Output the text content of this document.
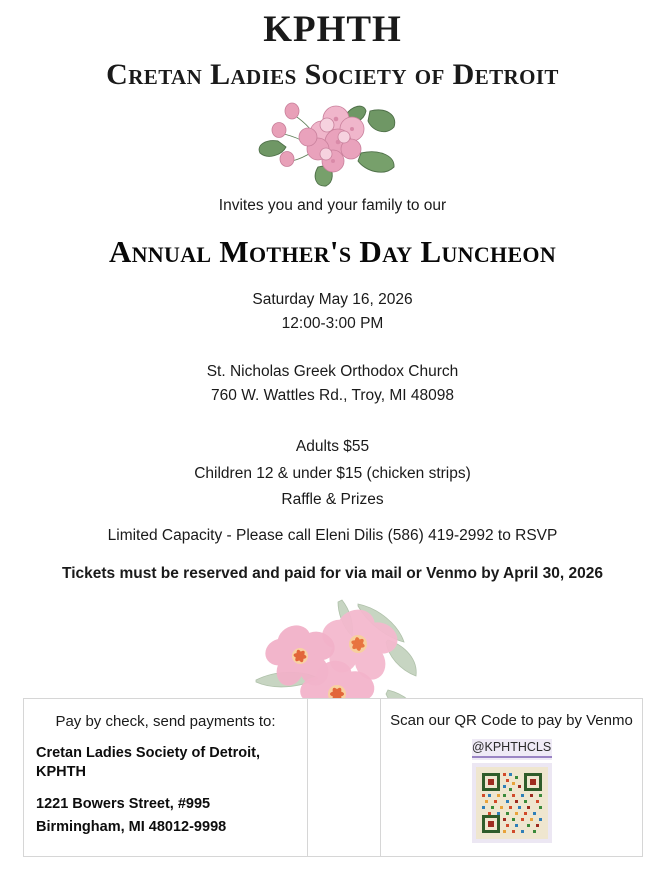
KPHTH
Cretan Ladies Society of Detroit

Invites you and your family to our

Annual Mother's Day Luncheon
Saturday May 16, 2026
12:00-3:00 PM
St. Nicholas Greek Orthodox Church
760 W. Wattles Rd., Troy, MI 48098
Adults $55
Children 12 & under $15 (chicken strips)
Raffle & Prizes
Limited Capacity - Please call Eleni Dilis (586) 419-2992 to RSVP
Tickets must be reserved and paid for via mail or Venmo by April 30, 2026
Pay by check, send payments to:
Cretan Ladies Society of Detroit,
KPHTH
1221 Bowers Street, #995
Birmingham, MI 48012-9998
Scan our QR Code to pay by Venmo
@KPHTHCLS
